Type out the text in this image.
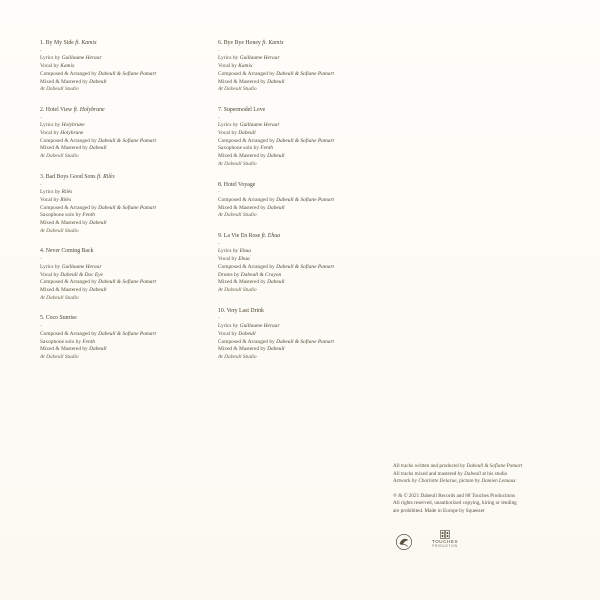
1. By My Side ft. Kamix
-
Lyrics by Guillaume Heraar
Vocal by Kamix
Composed & Arranged by Dabeull & Sofiane Pamart
Mixed & Mastered by Dabeull
At Dabeull Studio
2. Hotel View ft. Holybrune
-
Lyrics by Holybrune
Vocal by Holybrune
Composed & Arranged by Dabeull & Sofiane Pamart
Mixed & Mastered by Dabeull
At Dabeull Studio
3. Bad Boys Good Sons ft. Rilès
-
Lyrics by Rilès
Vocal by Rilès
Composed & Arranged by Dabeull & Sofiane Pamart
Saxophone solo by Fenth
Mixed & Mastered by Dabeull
At Dabeull Studio
4. Never Coming Back
-
Lyrics by Guillaume Heraar
Vocal by Dabeull & Doc Eye
Composed & Arranged by Dabeull & Sofiane Pamart
Mixed & Mastered by Dabeull
At Dabeull Studio
5. Coco Sunrise
-
Composed & Arranged by Dabeull & Sofiane Pamart
Saxophone solo by Fenth
Mixed & Mastered by Dabeull
At Dabeull Studio
6. Bye Bye Honey ft. Kamix
-
Lyrics by Guillaume Heraar
Vocal by Kamix
Composed & Arranged by Dabeull & Sofiane Pamart
Mixed & Mastered by Dabeull
At Dabeull Studio
7. Supermodel Love
-
Lyrics by Guillaume Heraar
Vocal by Dabeull
Composed & Arranged by Dabeull & Sofiane Pamart
Saxophone solo by Fenth
Mixed & Mastered by Dabeull
At Dabeull Studio
8. Hotel Voyage
-
Composed & Arranged by Dabeull & Sofiane Pamart
Mixed & Mastered by Dabeull
At Dabeull Studio
9. La Vie En Rose ft. Ehua
-
Lyrics by Ehua
Vocal by Ehua
Composed & Arranged by Dabeull & Sofiane Pamart
Drums by Dabeull & Crayon
Mixed & Mastered by Dabeull
At Dabeull Studio
10. Very Last Drink
-
Lyrics by Guillaume Heraar
Vocal by Dabeull
Composed & Arranged by Dabeull & Sofiane Pamart
Mixed & Mastered by Dabeull
At Dabeull Studio
All tracks written and produced by Dabeull & Sofiane Pamart
All tracks mixed and mastered by Dabeull at his studio
Artwork by Charlotte Delarue, picture by Damien Lemaux
℗ & © 2021 Dabeull Records and 88 Touches Productions
All rights reserved, unauthorized copying, hiring or lending
are prohibited. Made in Europe by Squeezer
TOUCHES
PRODUCTION
